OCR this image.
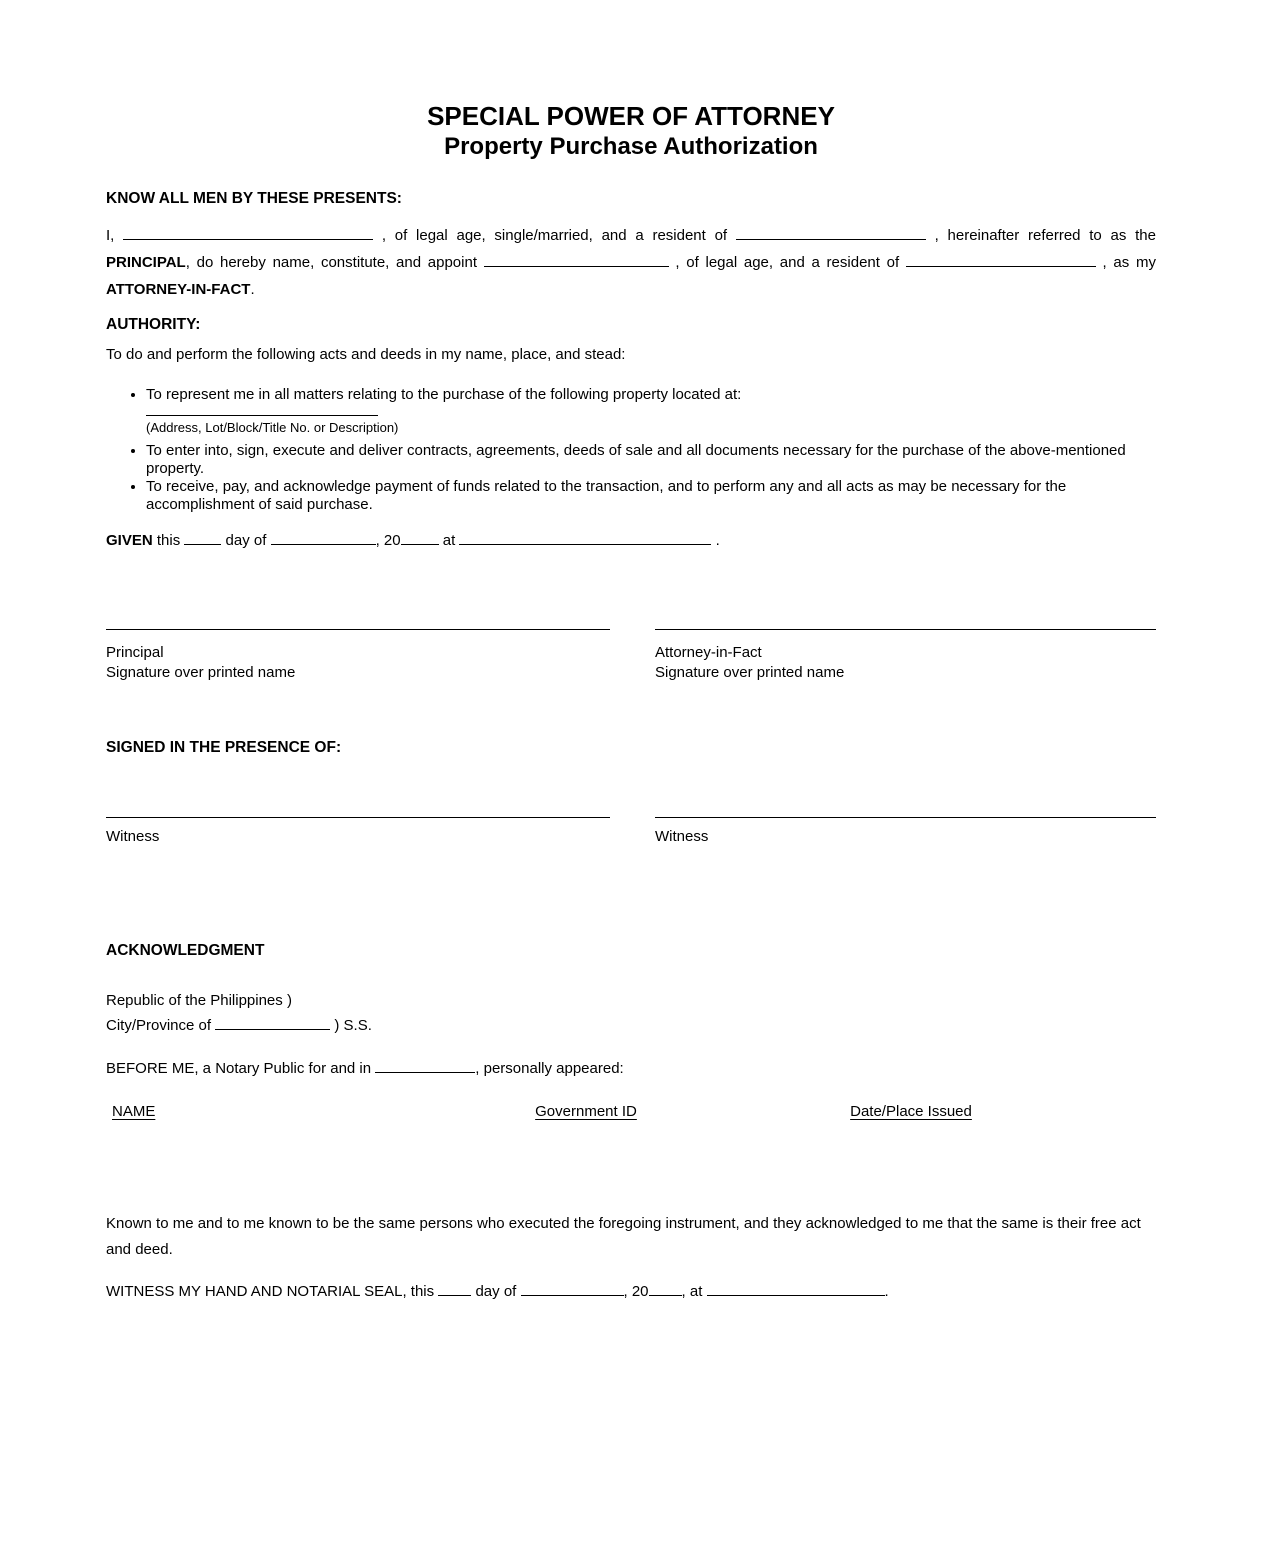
SPECIAL POWER OF ATTORNEY
Property Purchase Authorization
KNOW ALL MEN BY THESE PRESENTS:

I,	, of legal age, single/married, and a resident of	, hereinafter referred to as the PRINCIPAL, do hereby name, constitute, and appoint	, of legal age, and a resident of	, as my ATTORNEY-IN-FACT.

AUTHORITY:

To do and perform the following acts and deeds in my name, place, and stead:

• To represent me in all matters relating to the purchase of the following property located at:
(Address, Lot/Block/Title No. or Description)
• To enter into, sign, execute and deliver contracts, agreements, deeds of sale and all documents necessary for the purchase of the above-mentioned property.
• To receive, pay, and acknowledge payment of funds related to the transaction, and to perform any and all acts as may be necessary for the accomplishment of said purchase.

GIVEN this  day of	, 20	at	.

Principal
Signature over printed name
Attorney-in-Fact
Signature over printed name
SIGNED IN THE PRESENCE OF:
Witness	Witness
ACKNOWLEDGMENT
Republic of the Philippines )
City/Province of	) S.S.

BEFORE ME, a Notary Public for and in	, personally appeared:

NAME	Government ID	Date/Place Issued

Known to me and to me known to be the same persons who executed the foregoing instrument, and they acknowledged to me that the same is their free act and deed.

WITNESS MY HAND AND NOTARIAL SEAL, this  day of	, 20 , at	.
